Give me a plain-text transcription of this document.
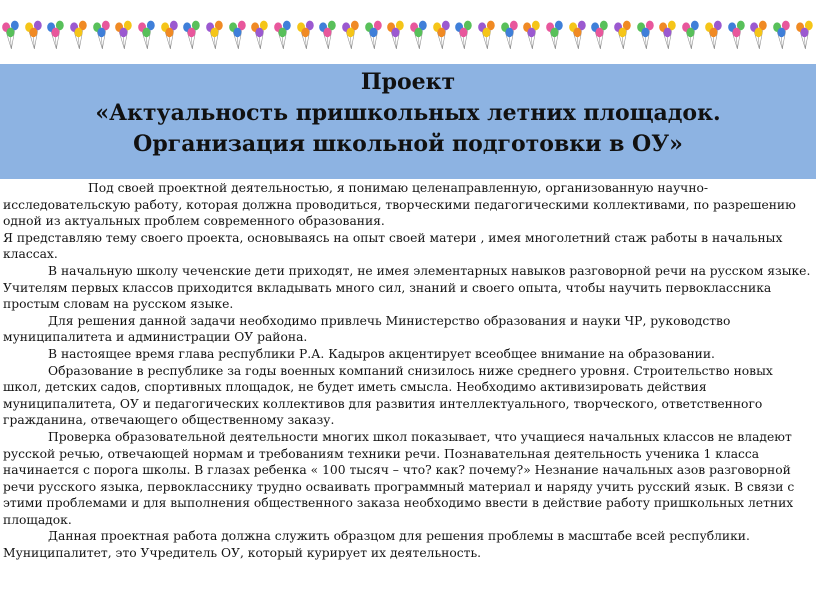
Проект
«Актуальность пришкольных летних площадок.
Организация школьной подготовки в ОУ»

Под своей проектной деятельностью, я понимаю целенаправленную, организованную научно-исследовательскую работу, которая должна проводиться, творческими педагогическими коллективами, по разрешению одной из актуальных проблем современного образования.

Я представляю тему своего проекта, основываясь на опыт своей матери , имея многолетний стаж работы в начальных классах.

В начальную школу чеченские дети приходят, не имея элементарных навыков разговорной речи на русском языке. Учителям первых классов приходится вкладывать много сил, знаний и своего опыта, чтобы научить первоклассника простым словам на русском языке.

Для решения данной задачи необходимо привлечь Министерство образования и науки ЧР, руководство муниципалитета и администрации ОУ района.

В настоящее время глава республики Р.А. Кадыров акцентирует всеобщее внимание на образовании.

Образование в республике за годы военных компаний снизилось ниже среднего уровня. Строительство новых школ, детских садов, спортивных площадок, не будет иметь смысла. Необходимо активизировать действия муниципалитета, ОУ и педагогических коллективов для развития интеллектуального, творческого, ответственного гражданина, отвечающего общественному заказу.

Проверка образовательной деятельности многих школ показывает, что учащиеся начальных классов не владеют русской речью, отвечающей нормам и требованиям техники речи. Познавательная деятельность ученика 1 класса начинается с порога школы. В глазах ребенка « 100 тысяч – что? как? почему?» Незнание начальных азов разговорной речи русского языка, первокласснику трудно осваивать программный материал и наряду учить русский язык. В связи с этими проблемами и для выполнения общественного заказа необходимо ввести в действие работу пришкольных летних площадок.

Данная проектная работа должна служить образцом для решения проблемы в масштабе всей республики. Муниципалитет, это Учредитель ОУ, который курирует их деятельность.
